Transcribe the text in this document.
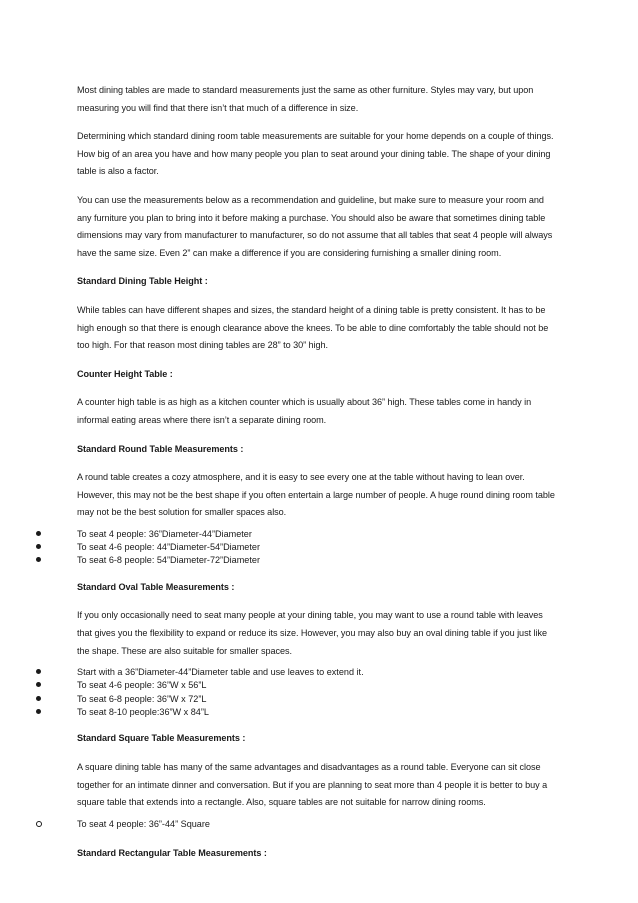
Most dining tables are made to standard measurements just the same as other furniture. Styles may vary, but upon measuring you will find that there isn’t that much of a difference in size.

Determining which standard dining room table measurements are suitable for your home depends on a couple of things. How big of an area you have and how many people you plan to seat around your dining table. The shape of your dining table is also a factor.

You can use the measurements below as a recommendation and guideline, but make sure to measure your room and any furniture you plan to bring into it before making a purchase. You should also be aware that sometimes dining table dimensions may vary from manufacturer to manufacturer, so do not assume that all tables that seat 4 people will always have the same size. Even 2” can make a difference if you are considering furnishing a smaller dining room.

Standard Dining Table Height :

While tables can have different shapes and sizes, the standard height of a dining table is pretty consistent. It has to be high enough so that there is enough clearance above the knees. To be able to dine comfortably the table should not be too high. For that reason most dining tables are 28” to 30” high.

Counter Height Table :

A counter high table is as high as a kitchen counter which is usually about 36” high. These tables come in handy in informal eating areas where there isn’t a separate dining room.

Standard Round Table Measurements :

A round table creates a cozy atmosphere, and it is easy to see every one at the table without having to lean over. However, this may not be the best shape if you often entertain a large number of people. A huge round dining room table may not be the best solution for smaller spaces also.

To seat 4 people: 36”Diameter-44”Diameter
To seat 4-6 people: 44”Diameter-54”Diameter
To seat 6-8 people: 54”Diameter-72”Diameter

Standard Oval Table Measurements :

If you only occasionally need to seat many people at your dining table, you may want to use a round table with leaves that gives you the flexibility to expand or reduce its size. However, you may also buy an oval dining table if you just like the shape. These are also suitable for smaller spaces.

Start with a 36”Diameter-44”Diameter table and use leaves to extend it.
To seat 4-6 people: 36”W x 56”L
To seat 6-8 people: 36”W x 72”L
To seat 8-10 people:36”W x 84”L

Standard Square Table Measurements :

A square dining table has many of the same advantages and disadvantages as a round table. Everyone can sit close together for an intimate dinner and conversation. But if you are planning to seat more than 4 people it is better to buy a square table that extends into a rectangle. Also, square tables are not suitable for narrow dining rooms.

To seat 4 people: 36”-44” Square

Standard Rectangular Table Measurements :
